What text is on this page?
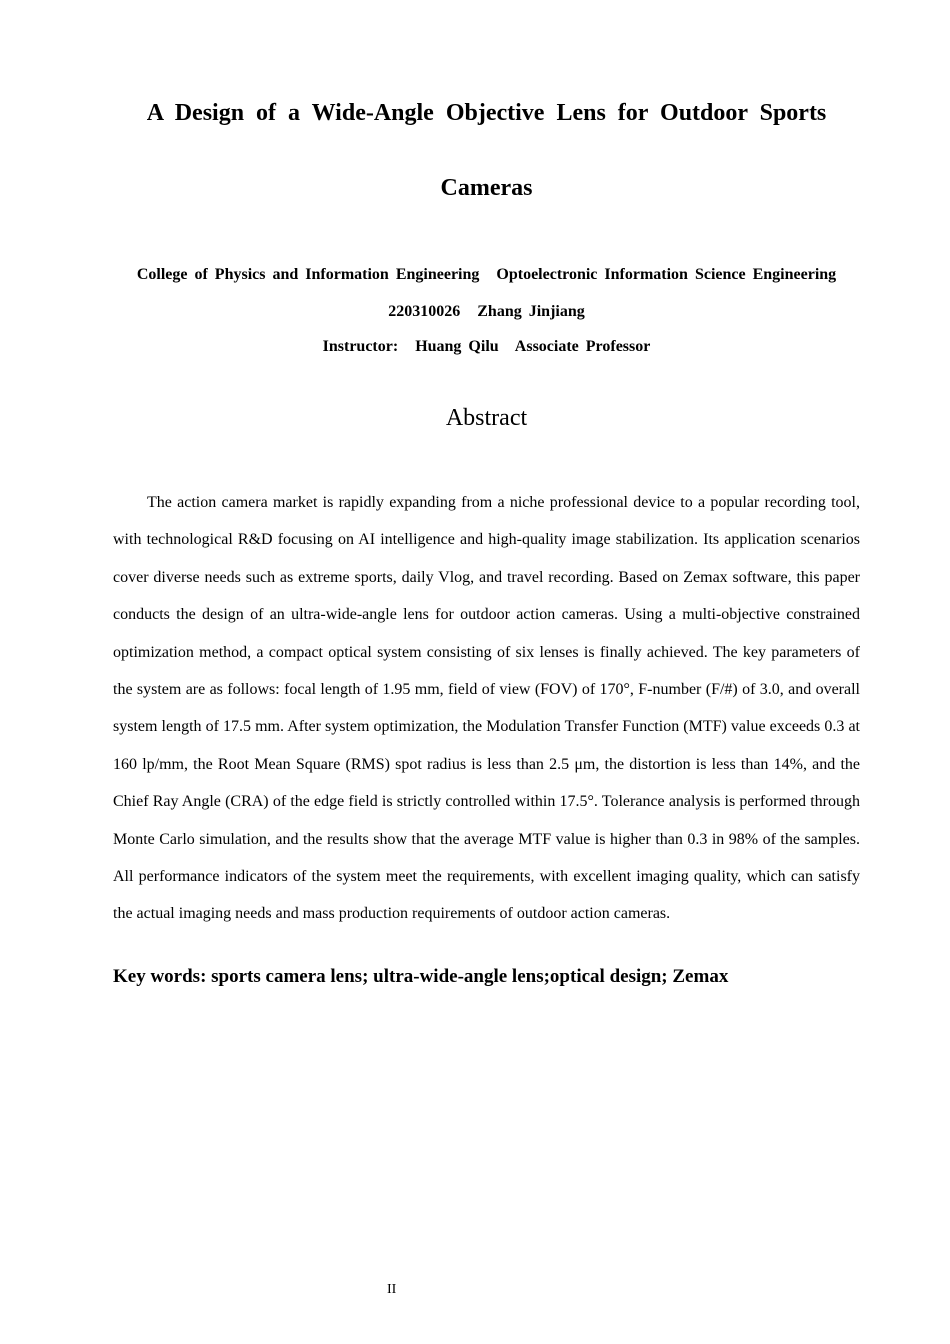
A Design of a Wide-Angle Objective Lens for Outdoor Sports
Cameras

College of Physics and Information Engineering Optoelectronic Information Science Engineering

220310026 Zhang Jinjiang

Instructor: Huang Qilu Associate Professor

Abstract

The action camera market is rapidly expanding from a niche professional device to a popular recording tool, with technological R&D focusing on AI intelligence and high-quality image stabilization. Its application scenarios cover diverse needs such as extreme sports, daily Vlog, and travel recording. Based on Zemax software, this paper conducts the design of an ultra-wide-angle lens for outdoor action cameras. Using a multi-objective constrained optimization method, a compact optical system consisting of six lenses is finally achieved. The key parameters of the system are as follows: focal length of 1.95 mm, field of view (FOV) of 170°, F-number (F/#) of 3.0, and overall system length of 17.5 mm. After system optimization, the Modulation Transfer Function (MTF) value exceeds 0.3 at 160 lp/mm, the Root Mean Square (RMS) spot radius is less than 2.5 μm, the distortion is less than 14%, and the Chief Ray Angle (CRA) of the edge field is strictly controlled within 17.5°. Tolerance analysis is performed through Monte Carlo simulation, and the results show that the average MTF value is higher than 0.3 in 98% of the samples. All performance indicators of the system meet the requirements, with excellent imaging quality, which can satisfy the actual imaging needs and mass production requirements of outdoor action cameras.

Key words: sports camera lens; ultra-wide-angle lens;optical design; Zemax

II
